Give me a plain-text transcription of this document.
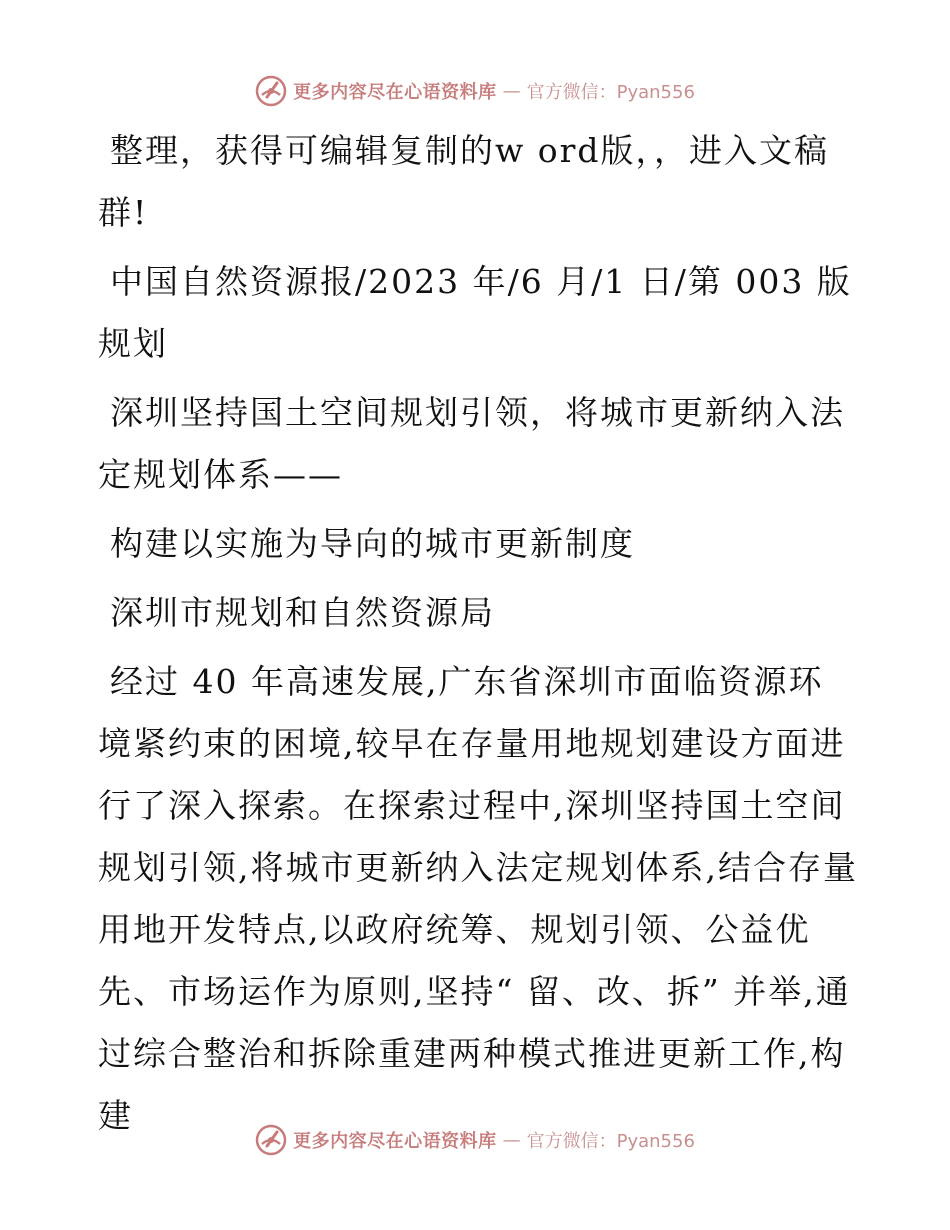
更多内容尽在心语资料库 — 官方微信：Pyan556

整理，获得可编辑复制的w ord版，，进入文稿群!

中国自然资源报/2023 年/6 月/1 日/第 003 版规划

深圳坚持国土空间规划引领，将城市更新纳入法定规划体系——

构建以实施为导向的城市更新制度

深圳市规划和自然资源局

经过 40 年高速发展,广东省深圳市面临资源环境紧约束的困境,较早在存量用地规划建设方面进行了深入探索。在探索过程中,深圳坚持国土空间规划引领,将城市更新纳入法定规划体系,结合存量用地开发特点,以政府统筹、规划引领、公益优先、市场运作为原则,坚持“ 留、改、拆” 并举,通过综合整治和拆除重建两种模式推进更新工作,构建

更多内容尽在心语资料库 — 官方微信：Pyan556
